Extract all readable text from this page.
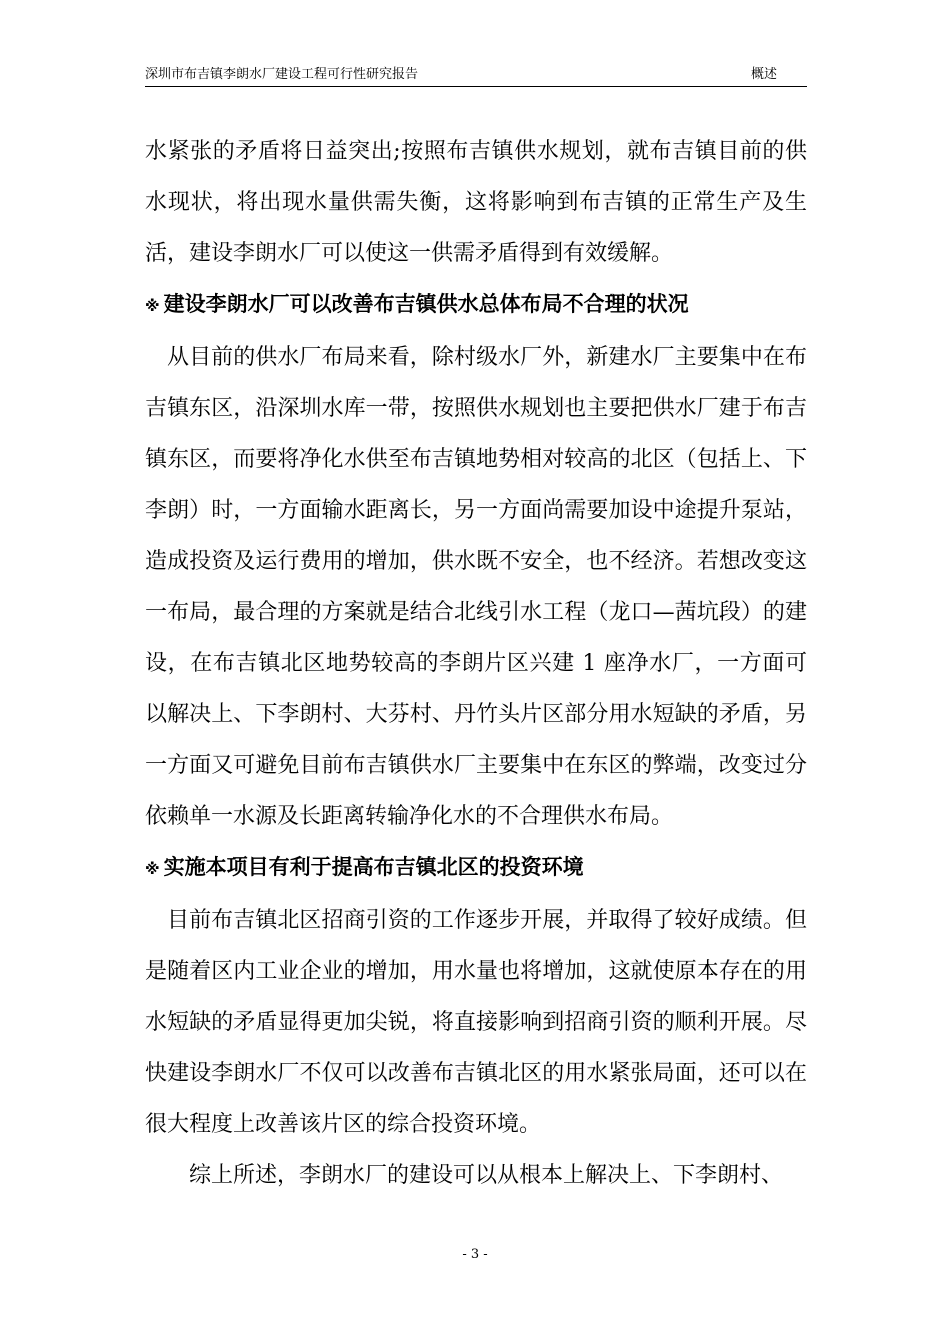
深圳市布吉镇李朗水厂建设工程可行性研究报告	概述

水紧张的矛盾将日益突出;按照布吉镇供水规划，就布吉镇目前的供水现状，将出现水量供需失衡，这将影响到布吉镇的正常生产及生活，建设李朗水厂可以使这一供需矛盾得到有效缓解。

※ 建设李朗水厂可以改善布吉镇供水总体布局不合理的状况

从目前的供水厂布局来看，除村级水厂外，新建水厂主要集中在布吉镇东区，沿深圳水库一带，按照供水规划也主要把供水厂建于布吉镇东区，而要将净化水供至布吉镇地势相对较高的北区（包括上、下李朗）时，一方面输水距离长，另一方面尚需要加设中途提升泵站，造成投资及运行费用的增加，供水既不安全，也不经济。若想改变这一布局，最合理的方案就是结合北线引水工程（龙口—茜坑段）的建设，在布吉镇北区地势较高的李朗片区兴建 1 座净水厂，一方面可以解决上、下李朗村、大芬村、丹竹头片区部分用水短缺的矛盾，另一方面又可避免目前布吉镇供水厂主要集中在东区的弊端，改变过分依赖单一水源及长距离转输净化水的不合理供水布局。

※ 实施本项目有利于提高布吉镇北区的投资环境

目前布吉镇北区招商引资的工作逐步开展，并取得了较好成绩。但是随着区内工业企业的增加，用水量也将增加，这就使原本存在的用水短缺的矛盾显得更加尖锐，将直接影响到招商引资的顺利开展。尽快建设李朗水厂不仅可以改善布吉镇北区的用水紧张局面，还可以在很大程度上改善该片区的综合投资环境。

综上所述，李朗水厂的建设可以从根本上解决上、下李朗村、

- 3 -
